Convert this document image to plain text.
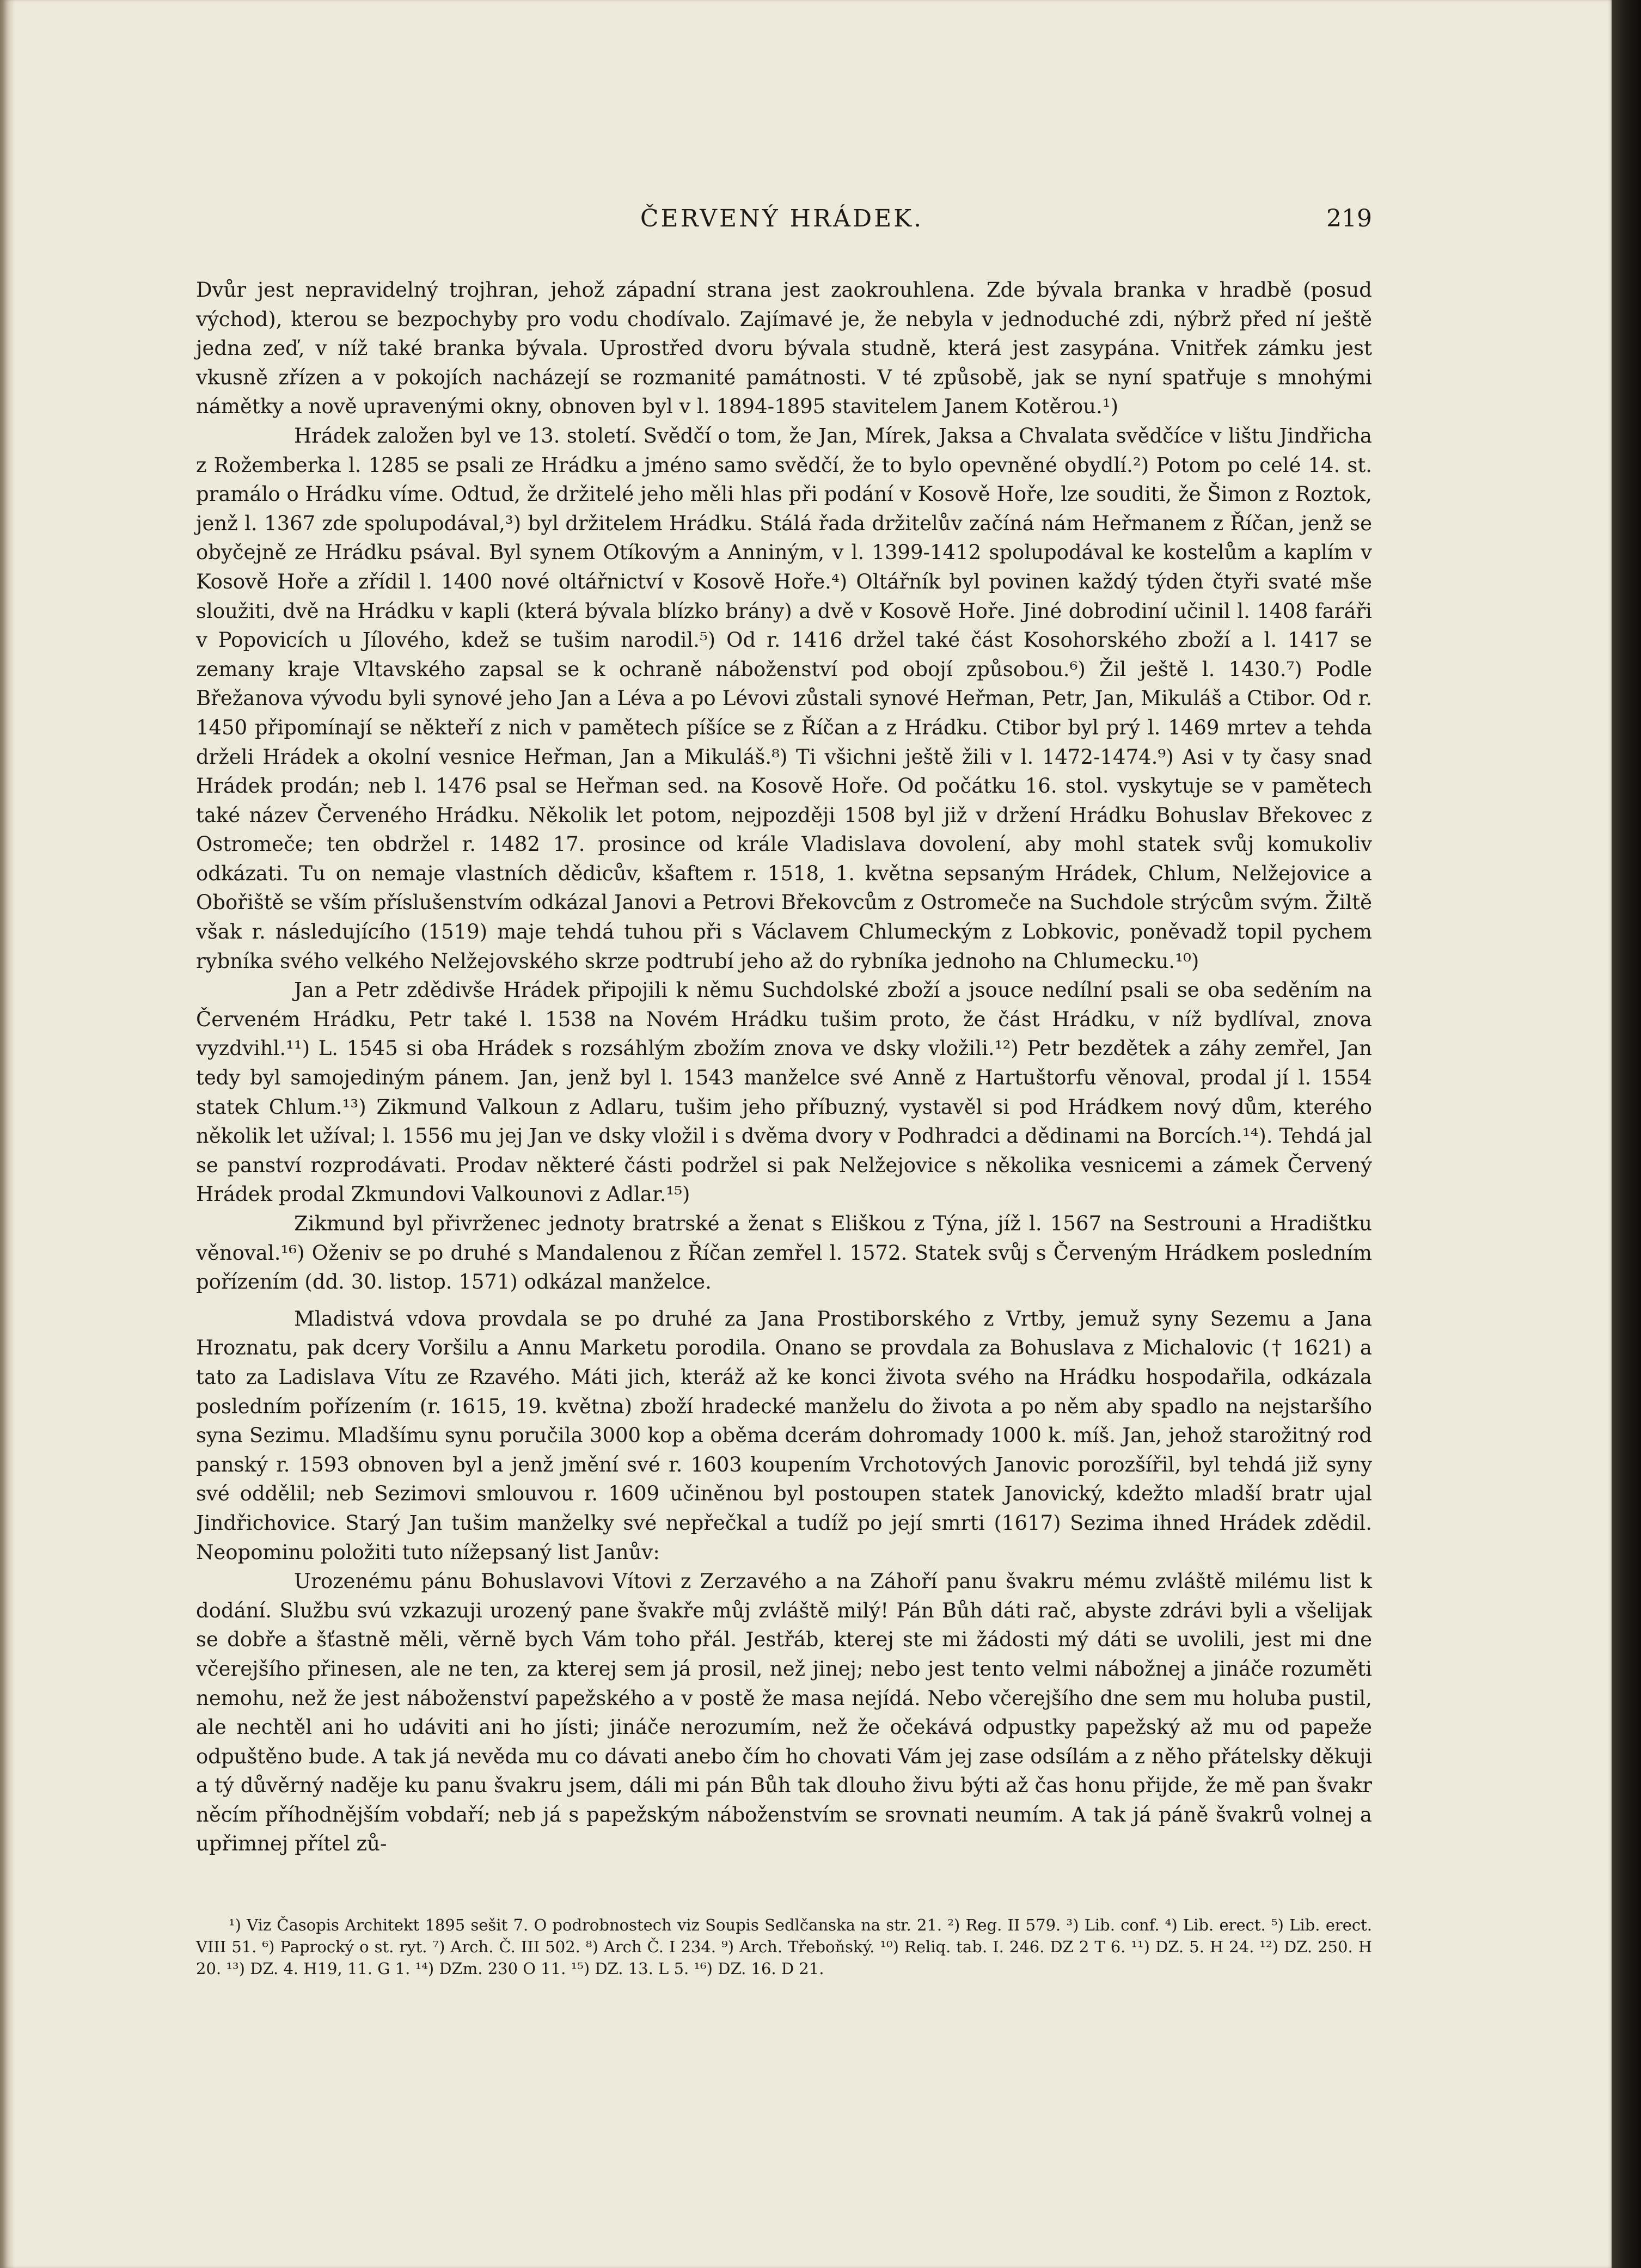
ČERVENÝ HRÁDEK.	219

Dvůr jest nepravidelný trojhran, jehož západní strana jest zaokrouhlena. Zde bývala branka v hradbě (posud východ), kterou se bezpochyby pro vodu chodívalo. Zajímavé je, že nebyla v jednoduché zdi, nýbrž před ní ještě jedna zeď, v níž také branka bývala. Uprostřed dvoru bývala studně, která jest zasypána. Vnitřek zámku jest vkusně zřízen a v pokojích nacházejí se rozmanité památnosti. V té způsobě, jak se nyní spatřuje s mnohými námětky a nově upravenými okny, obnoven byl v l. 1894-1895 stavitelem Janem Kotěrou.¹)

Hrádek založen byl ve 13. století. Svědčí o tom, že Jan, Mírek, Jaksa a Chvalata svědčíce v lištu Jindřicha z Rožemberka l. 1285 se psali ze Hrádku a jméno samo svědčí, že to bylo opevněné obydlí.²) Potom po celé 14. st. pramálo o Hrádku víme. Odtud, že držitelé jeho měli hlas při podání v Kosově Hoře, lze souditi, že Šimon z Roztok, jenž l. 1367 zde spolupodával,³) byl držitelem Hrádku. Stálá řada držitelův začíná nám Heřmanem z Říčan, jenž se obyčejně ze Hrádku psával. Byl synem Otíkovým a Anniným, v l. 1399-1412 spolupodával ke kostelům a kaplím v Kosově Hoře a zřídil l. 1400 nové oltářnictví v Kosově Hoře.⁴) Oltářník byl povinen každý týden čtyři svaté mše sloužiti, dvě na Hrádku v kapli (která bývala blízko brány) a dvě v Kosově Hoře. Jiné dobrodiní učinil l. 1408 faráři v Popovicích u Jílového, kdež se tušim narodil.⁵) Od r. 1416 držel také část Kosohorského zboží a l. 1417 se zemany kraje Vltavského zapsal se k ochraně náboženství pod obojí způsobou.⁶) Žil ještě l. 1430.⁷) Podle Břežanova vývodu byli synové jeho Jan a Léva a po Lévovi zůstali synové Heřman, Petr, Jan, Mikuláš a Ctibor. Od r. 1450 připomínají se někteří z nich v pamětech píšíce se z Říčan a z Hrádku. Ctibor byl prý l. 1469 mrtev a tehda drželi Hrádek a okolní vesnice Heřman, Jan a Mikuláš.⁸) Ti všichni ještě žili v l. 1472-1474.⁹) Asi v ty časy snad Hrádek prodán; neb l. 1476 psal se Heřman sed. na Kosově Hoře. Od počátku 16. stol. vyskytuje se v pamětech také název Červeného Hrádku. Několik let potom, nejpozději 1508 byl již v držení Hrádku Bohuslav Břekovec z Ostromeče; ten obdržel r. 1482 17. prosince od krále Vladislava dovolení, aby mohl statek svůj komukoliv odkázati. Tu on nemaje vlastních dědicův, kšaftem r. 1518, 1. května sepsaným Hrádek, Chlum, Nelžejovice a Obořiště se vším příslušenstvím odkázal Janovi a Petrovi Břekovcům z Ostromeče na Suchdole strýcům svým. Žiltě však r. následujícího (1519) maje tehdá tuhou při s Václavem Chlumeckým z Lobkovic, poněvadž topil pychem rybníka svého velkého Nelžejovského skrze podtrubí jeho až do rybníka jednoho na Chlumecku.¹⁰)

Jan a Petr zdědivše Hrádek připojili k němu Suchdolské zboží a jsouce nedílní psali se oba seděním na Červeném Hrádku, Petr také l. 1538 na Novém Hrádku tušim proto, že část Hrádku, v níž bydlíval, znova vyzdvihl.¹¹) L. 1545 si oba Hrádek s rozsáhlým zbožím znova ve dsky vložili.¹²) Petr bezdětek a záhy zemřel, Jan tedy byl samojediným pánem. Jan, jenž byl l. 1543 manželce své Anně z Hartuštorfu věnoval, prodal jí l. 1554 statek Chlum.¹³) Zikmund Valkoun z Adlaru, tušim jeho příbuzný, vystavěl si pod Hrádkem nový dům, kterého několik let užíval; l. 1556 mu jej Jan ve dsky vložil i s dvěma dvory v Podhradci a dědinami na Borcích.¹⁴). Tehdá jal se panství rozprodávati. Prodav některé části podržel si pak Nelžejovice s několika vesnicemi a zámek Červený Hrádek prodal Zkmundovi Valkounovi z Adlar.¹⁵)

Zikmund byl přivrženec jednoty bratrské a ženat s Eliškou z Týna, jíž l. 1567 na Sestrouni a Hradištku věnoval.¹⁶) Oženiv se po druhé s Mandalenou z Říčan zemřel l. 1572. Statek svůj s Červeným Hrádkem posledním pořízením (dd. 30. listop. 1571) odkázal manželce.

Mladistvá vdova provdala se po druhé za Jana Prostiborského z Vrtby, jemuž syny Sezemu a Jana Hroznatu, pak dcery Voršilu a Annu Marketu porodila. Onano se provdala za Bohuslava z Michalovic († 1621) a tato za Ladislava Vítu ze Rzavého. Máti jich, kteráž až ke konci života svého na Hrádku hospodařila, odkázala posledním pořízením (r. 1615, 19. května) zboží hradecké manželu do života a po něm aby spadlo na nejstaršího syna Sezimu. Mladšímu synu poručila 3000 kop a oběma dcerám dohromady 1000 k. míš. Jan, jehož starožitný rod panský r. 1593 obnoven byl a jenž jmění své r. 1603 koupením Vrchotových Janovic porozšířil, byl tehdá již syny své oddělil; neb Sezimovi smlouvou r. 1609 učiněnou byl postoupen statek Janovický, kdežto mladší bratr ujal Jindřichovice. Starý Jan tušim manželky své nepřečkal a tudíž po její smrti (1617) Sezima ihned Hrádek zdědil. Neopominu položiti tuto nížepsaný list Janův:

Urozenému pánu Bohuslavovi Vítovi z Zerzavého a na Záhoří panu švakru mému zvláště milému list k dodání. Službu svú vzkazuji urozený pane švakře můj zvláště milý! Pán Bůh dáti rač, abyste zdrávi byli a všelijak se dobře a šťastně měli, věrně bych Vám toho přál. Jestřáb, kterej ste mi žádosti mý dáti se uvolili, jest mi dne včerejšího přinesen, ale ne ten, za kterej sem já prosil, než jinej; nebo jest tento velmi nábožnej a jináče rozuměti nemohu, než že jest náboženství papežského a v postě že masa nejídá. Nebo včerejšího dne sem mu holuba pustil, ale nechtěl ani ho udáviti ani ho jísti; jináče nerozumím, než že očekává odpustky papežský až mu od papeže odpuštěno bude. A tak já nevěda mu co dávati anebo čím ho chovati Vám jej zase odsílám a z něho přátelsky děkuji a tý důvěrný naděje ku panu švakru jsem, dáli mi pán Bůh tak dlouho živu býti až čas honu přijde, že mě pan švakr něcím příhodnějším vobdaří; neb já s papežským náboženstvím se srovnati neumím. A tak já páně švakrů volnej a upřimnej přítel zů-

¹) Viz Časopis Architekt 1895 sešit 7. O podrobnostech viz Soupis Sedlčanska na str. 21. ²) Reg. II 579. ³) Lib. conf. ⁴) Lib. erect. ⁵) Lib. erect. VIII 51. ⁶) Paprocký o st. ryt. ⁷) Arch. Č. III 502. ⁸) Arch Č. I 234. ⁹) Arch. Třeboňský. ¹⁰) Reliq. tab. I. 246. DZ 2 T 6. ¹¹) DZ. 5. H 24. ¹²) DZ. 250. H 20. ¹³) DZ. 4. H19, 11. G 1. ¹⁴) DZm. 230 O 11. ¹⁵) DZ. 13. L 5. ¹⁶) DZ. 16. D 21.
